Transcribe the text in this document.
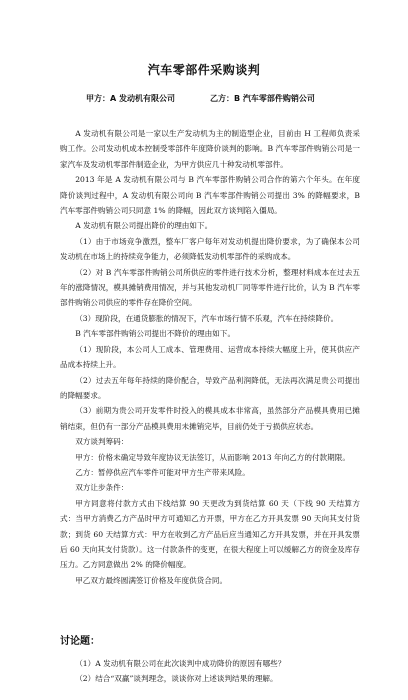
汽车零部件采购谈判
甲方：A 发动机有限公司	乙方：B 汽车零部件购销公司

A 发动机有限公司是一家以生产发动机为主的制造型企业，目前由 H 工程师负责采购工作。公司发动机成本控制受零部件年度降价谈判的影响。B 汽车零部件购销公司是一家汽车及发动机零部件制造企业，为甲方供应几十种发动机零部件。

2013 年是 A 发动机有限公司与 B 汽车零部件购销公司合作的第六个年头。在年度降价谈判过程中，A 发动机有限公司向 B 汽车零部件购销公司提出 3% 的降幅要求，B 汽车零部件购销公司只同意 1% 的降幅，因此双方谈判陷入僵局。

A 发动机有限公司提出降价的理由如下。

（1）由于市场竞争激烈，整车厂客户每年对发动机提出降价要求，为了确保本公司发动机在市场上的持续竞争能力，必须降低发动机零部件的采购成本。

（2）对 B 汽车零部件购销公司所供应的零件进行技术分析，整理材料成本在过去五年的涨降情况，模具摊销费用情况，并与其他发动机厂同等零件进行比价，认为 B 汽车零部件购销公司供应的零件存在降价空间。

（3）现阶段，在通货膨胀的情况下，汽车市场行情不乐观，汽车在持续降价。

B 汽车零部件购销公司提出不降价的理由如下。

（1）现阶段，本公司人工成本、管理费用、运营成本持续大幅度上升，使其供应产品成本持续上升。

（2）过去五年每年持续的降价配合，导致产品利润降低，无法再次满足贵公司提出的降幅要求。

（3）前期为贵公司开发零件时投入的模具成本非常高，虽然部分产品模具费用已摊销结束，但仍有一部分产品模具费用未摊销完毕，目前仍处于亏损供应状态。

双方谈判筹码：

甲方：价格未确定导致年度协议无法签订，从而影响 2013 年向乙方的付款期限。

乙方：暂停供应汽车零件可能对甲方生产带来风险。

双方让步条件：

甲方同意将付款方式由下线结算 90 天更改为到货结算 60 天（下线 90 天结算方式：当甲方消费乙方产品时甲方可通知乙方开票，甲方在乙方开具发票 90 天向其支付货款；到货 60 天结算方式：甲方在收到乙方产品后应当通知乙方开具发票，并在开具发票后 60 天向其支付货款）。这一付款条件的变更，在很大程度上可以缓解乙方的资金及库存压力。乙方同意做出 2% 的降价幅度。

甲乙双方最终圆满签订价格及年度供货合同。

讨论题：

（1）A 发动机有限公司在此次谈判中成功降价的原因有哪些？

（2）结合“双赢”谈判理念，谈谈你对上述谈判结果的理解。
